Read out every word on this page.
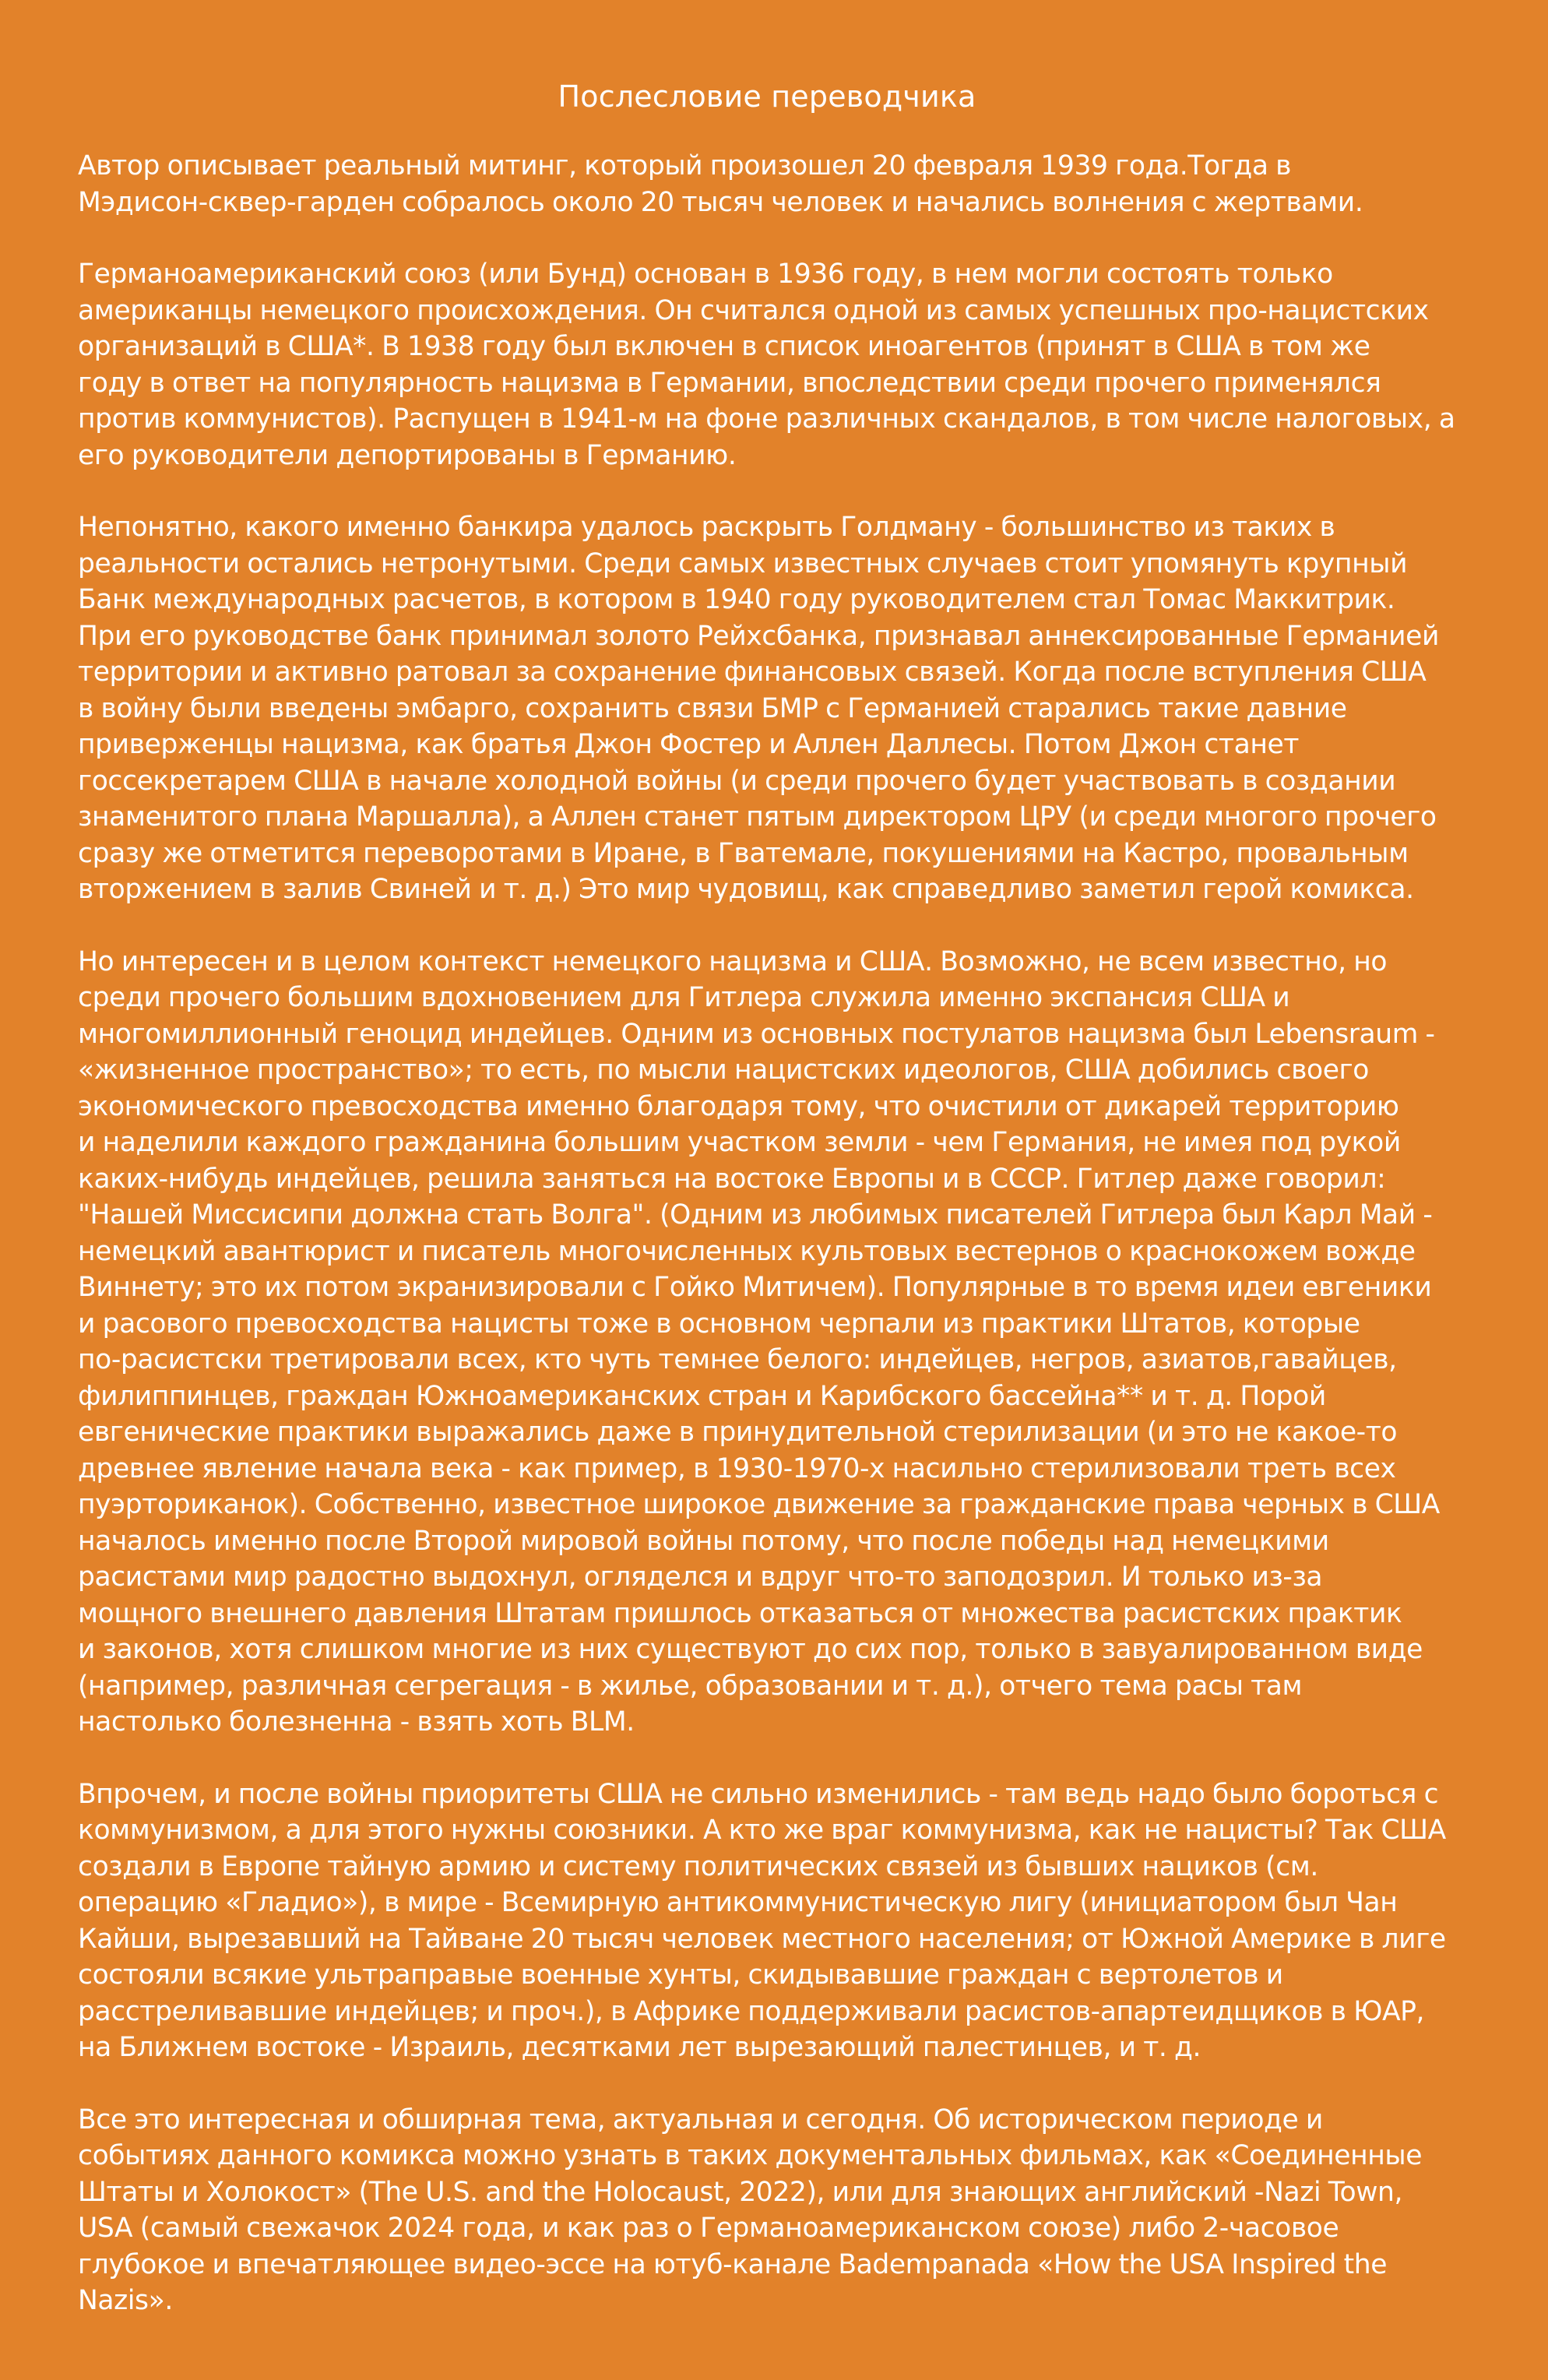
Послесловие переводчика
Автор описывает реальный митинг, который произошел 20 февраля 1939 года.Тогда в
Мэдисон-сквер-гарден собралось около 20 тысяч человек и начались волнения с жертвами.
Германоамериканский союз (или Бунд) основан в 1936 году, в нем могли состоять только
американцы немецкого происхождения. Он считался одной из самых успешных про-нацистских
организаций в США*. В 1938 году был включен в список иноагентов (принят в США в том же
году в ответ на популярность нацизма в Германии, впоследствии среди прочего применялся
против коммунистов). Распущен в 1941-м на фоне различных скандалов, в том числе налоговых, а
его руководители депортированы в Германию.
Непонятно, какого именно банкира удалось раскрыть Голдману - большинство из таких в
реальности остались нетронутыми. Среди самых известных случаев стоит упомянуть крупный
Банк международных расчетов, в котором в 1940 году руководителем стал Томас Маккитрик.
При его руководстве банк принимал золото Рейхсбанка, признавал аннексированные Германией
территории и активно ратовал за сохранение финансовых связей. Когда после вступления США
в войну были введены эмбарго, сохранить связи БМР с Германией старались такие давние
приверженцы нацизма, как братья Джон Фостер и Аллен Даллесы. Потом Джон станет
госсекретарем США в начале холодной войны (и среди прочего будет участвовать в создании
знаменитого плана Маршалла), а Аллен станет пятым директором ЦРУ (и среди многого прочего
сразу же отметится переворотами в Иране, в Гватемале, покушениями на Кастро, провальным
вторжением в залив Свиней и т. д.) Это мир чудовищ, как справедливо заметил герой комикса.
Но интересен и в целом контекст немецкого нацизма и США. Возможно, не всем известно, но
среди прочего большим вдохновением для Гитлера служила именно экспансия США и
многомиллионный геноцид индейцев. Одним из основных постулатов нацизма был Lebensraum -
«жизненное пространство»; то есть, по мысли нацистских идеологов, США добились своего
экономического превосходства именно благодаря тому, что очистили от дикарей территорию
и наделили каждого гражданина большим участком земли - чем Германия, не имея под рукой
каких-нибудь индейцев, решила заняться на востоке Европы и в СССР. Гитлер даже говорил:
"Нашей Миссисипи должна стать Волга". (Одним из любимых писателей Гитлера был Карл Май -
немецкий авантюрист и писатель многочисленных культовых вестернов о краснокожем вожде
Виннету; это их потом экранизировали с Гойко Митичем). Популярные в то время идеи евгеники
и расового превосходства нацисты тоже в основном черпали из практики Штатов, которые
по-расистски третировали всех, кто чуть темнее белого: индейцев, негров, азиатов,гавайцев,
филиппинцев, граждан Южноамериканских стран и Карибского бассейна** и т. д. Порой
евгенические практики выражались даже в принудительной стерилизации (и это не какое-то
древнее явление начала века - как пример, в 1930-1970-х насильно стерилизовали треть всех
пуэрториканок). Собственно, известное широкое движение за гражданские права черных в США
началось именно после Второй мировой войны потому, что после победы над немецкими
расистами мир радостно выдохнул, огляделся и вдруг что-то заподозрил. И только из-за
мощного внешнего давления Штатам пришлось отказаться от множества расистских практик
и законов, хотя слишком многие из них существуют до сих пор, только в завуалированном виде
(например, различная сегрегация - в жилье, образовании и т. д.), отчего тема расы там
настолько болезненна - взять хоть BLM.
Впрочем, и после войны приоритеты США не сильно изменились - там ведь надо было бороться с
коммунизмом, а для этого нужны союзники. А кто же враг коммунизма, как не нацисты? Так США
создали в Европе тайную армию и систему политических связей из бывших нациков (см.
операцию «Гладио»), в мире - Всемирную антикоммунистическую лигу (инициатором был Чан
Кайши, вырезавший на Тайване 20 тысяч человек местного населения; от Южной Америке в лиге
состояли всякие ультраправые военные хунты, скидывавшие граждан с вертолетов и
расстреливавшие индейцев; и проч.), в Африке поддерживали расистов-апартеидщиков в ЮАР,
на Ближнем востоке - Израиль, десятками лет вырезающий палестинцев, и т. д.
Все это интересная и обширная тема, актуальная и сегодня. Об историческом периоде и
событиях данного комикса можно узнать в таких документальных фильмах, как «Соединенные
Штаты и Холокост» (The U.S. and the Holocaust, 2022), или для знающих английский -Nazi Town,
USA (самый свежачок 2024 года, и как раз о Германоамериканском союзе) либо 2-часовое
глубокое и впечатляющее видео-эссе на ютуб-канале Badempanada «How the USA Inspired the
Nazis».
